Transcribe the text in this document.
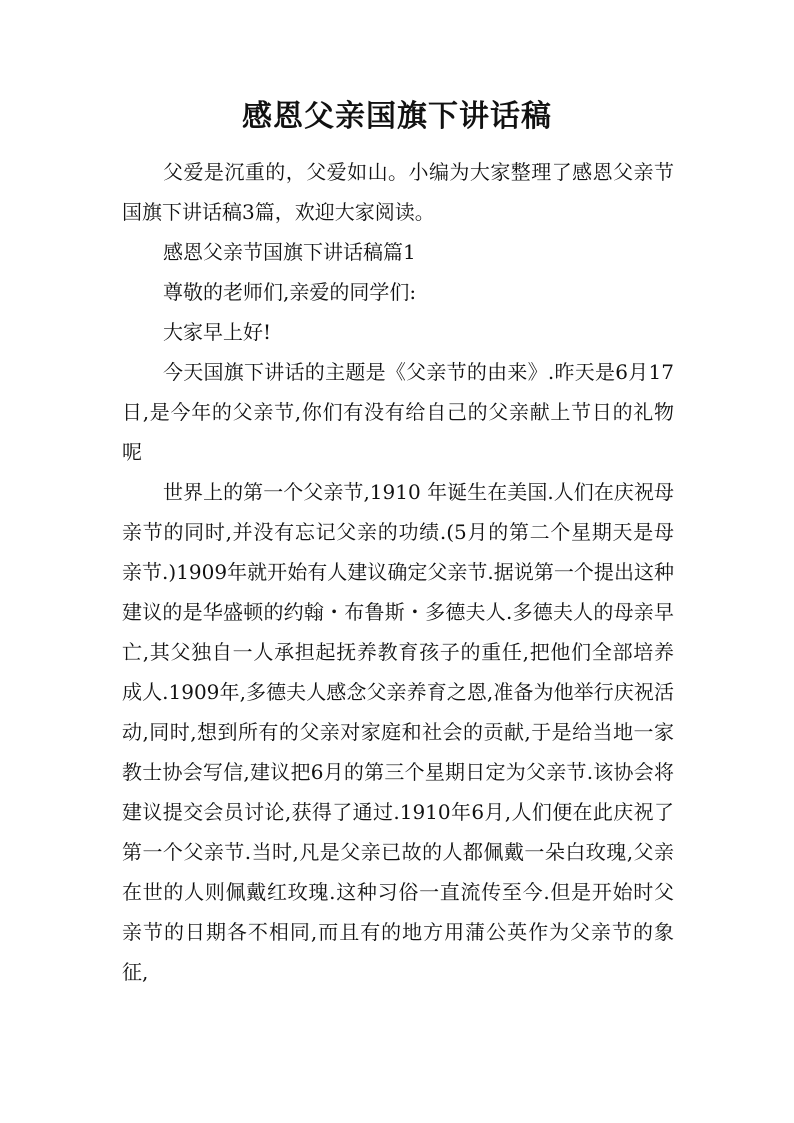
感恩父亲国旗下讲话稿

父爱是沉重的，父爱如山。小编为大家整理了感恩父亲节国旗下讲话稿3篇，欢迎大家阅读。

感恩父亲节国旗下讲话稿篇1

尊敬的老师们,亲爱的同学们:

大家早上好!

今天国旗下讲话的主题是《父亲节的由来》.昨天是6月17日,是今年的父亲节,你们有没有给自己的父亲献上节日的礼物呢

世界上的第一个父亲节,1910 年诞生在美国.人们在庆祝母亲节的同时,并没有忘记父亲的功绩.(5月的第二个星期天是母亲节.)1909年就开始有人建议确定父亲节.据说第一个提出这种建议的是华盛顿的约翰・布鲁斯・多德夫人.多德夫人的母亲早亡,其父独自一人承担起抚养教育孩子的重任,把他们全部培养成人.1909年,多德夫人感念父亲养育之恩,准备为他举行庆祝活动,同时,想到所有的父亲对家庭和社会的贡献,于是给当地一家教士协会写信,建议把6月的第三个星期日定为父亲节.该协会将建议提交会员讨论,获得了通过.1910年6月,人们便在此庆祝了第一个父亲节.当时,凡是父亲已故的人都佩戴一朵白玫瑰,父亲在世的人则佩戴红玫瑰.这种习俗一直流传至今.但是开始时父亲节的日期各不相同,而且有的地方用蒲公英作为父亲节的象征,
